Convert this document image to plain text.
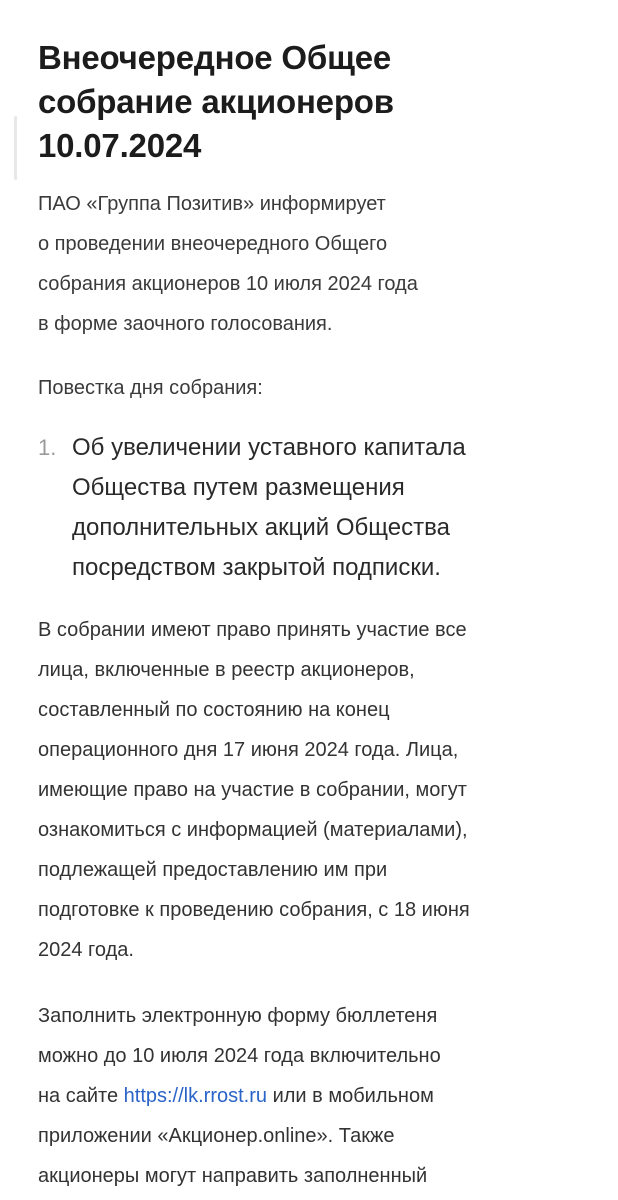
Внеочередное Общее
собрание акционеров
10.07.2024
ПАО «Группа Позитив» информирует
о проведении внеочередного Общего
собрания акционеров 10 июля 2024 года
в форме заочного голосования.
Повестка дня собрания:
1. Об увеличении уставного капитала
Общества путем размещения
дополнительных акций Общества
посредством закрытой подписки.
В собрании имеют право принять участие все
лица, включенные в реестр акционеров,
составленный по состоянию на конец
операционного дня 17 июня 2024 года. Лица,
имеющие право на участие в собрании, могут
ознакомиться с информацией (материалами),
подлежащей предоставлению им при
подготовке к проведению собрания, с 18 июня
2024 года.
Заполнить электронную форму бюллетеня
можно до 10 июля 2024 года включительно
на сайте https://lk.rrost.ru или в мобильном
приложении «Акционер.online». Также
акционеры могут направить заполненный
